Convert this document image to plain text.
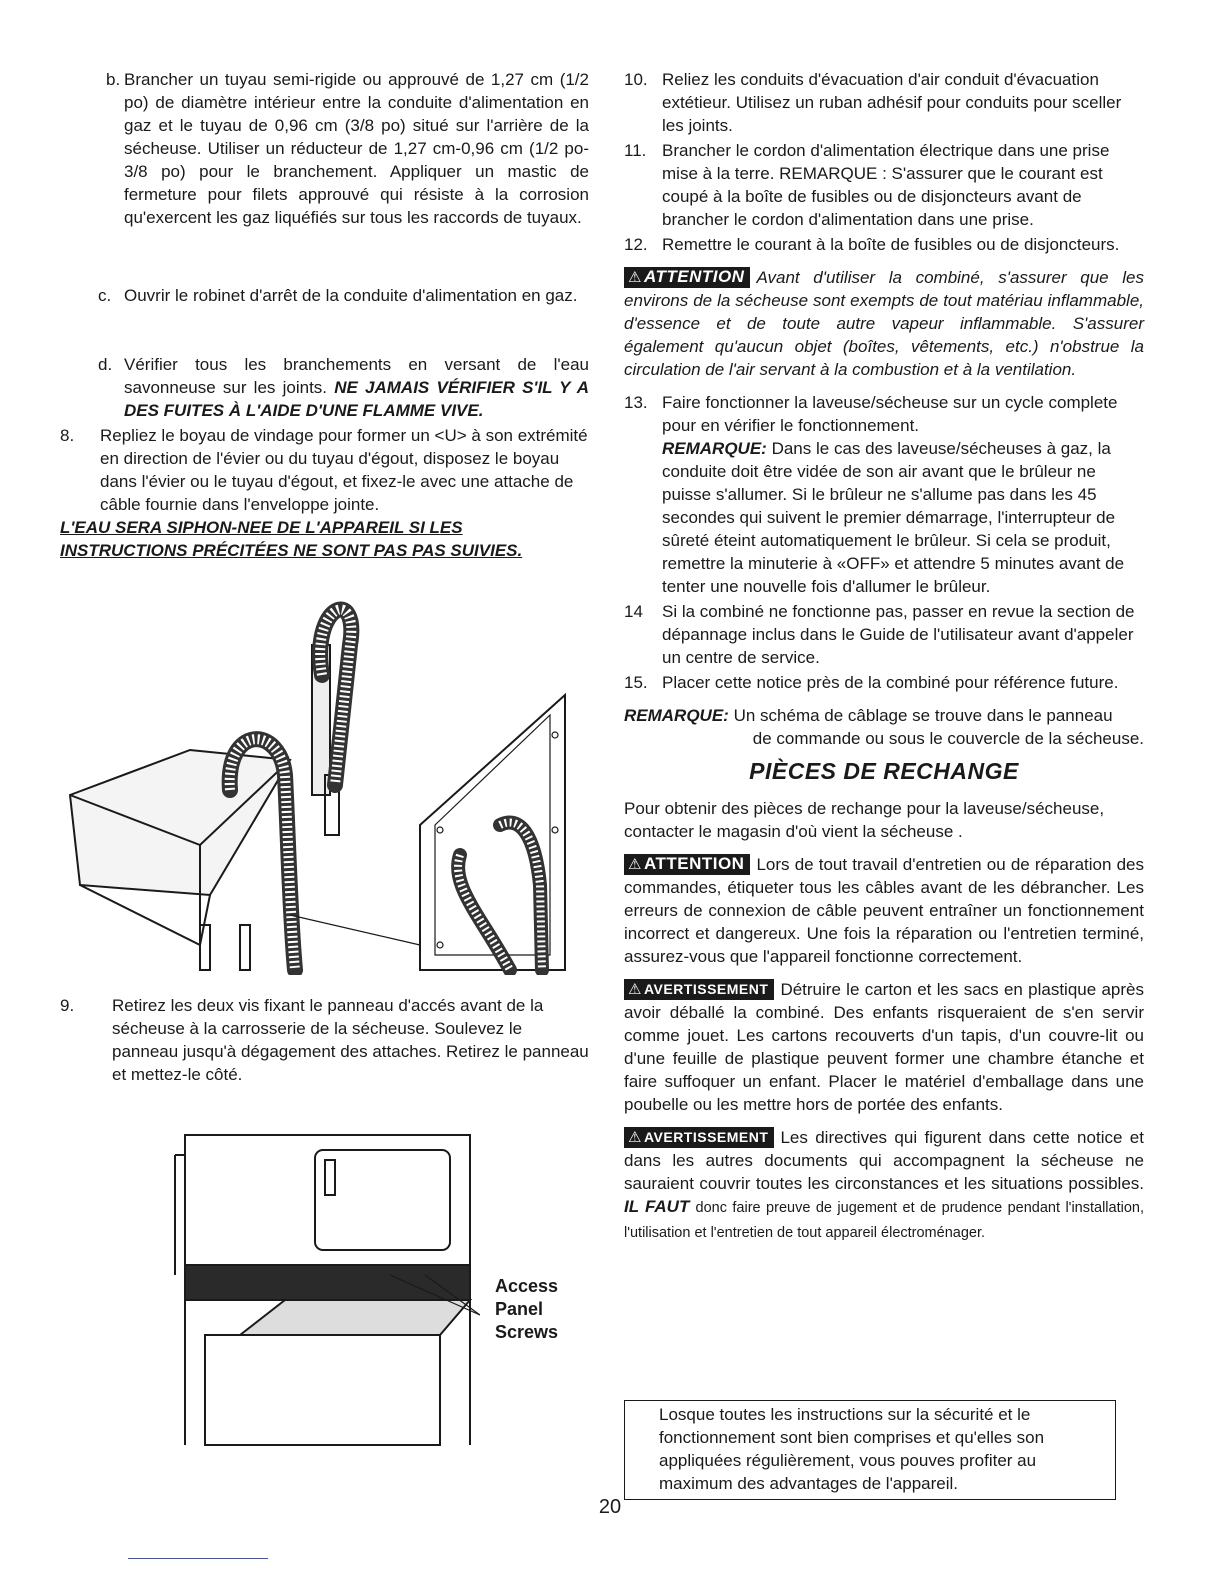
b. Brancher un tuyau semi-rigide ou approuvé de 1,27 cm (1/2 po) de diamètre intérieur entre la conduite d'alimentation en gaz et le tuyau de 0,96 cm (3/8 po) situé sur l'arrière de la sécheuse. Utiliser un réducteur de 1,27 cm-0,96 cm (1/2 po-3/8 po) pour le branchement. Appliquer un mastic de fermeture pour filets approuvé qui résiste à la corrosion qu'exercent les gaz liquéfiés sur tous les raccords de tuyaux.

c. Ouvrir le robinet d'arrêt de la conduite d'alimentation en gaz.

d. Vérifier tous les branchements en versant de l'eau savonneuse sur les joints. NE JAMAIS VÉRIFIER S'IL Y A DES FUITES À L'AIDE D'UNE FLAMME VIVE.

8. Repliez le boyau de vindage pour former un <U> à son extrémité en direction de l'évier ou du tuyau d'égout, disposez le boyau dans l'évier ou le tuyau d'égout, et fixez-le avec une attache de câble fournie dans l'enveloppe jointe.

L'EAU SERA SIPHON-NEE DE L'APPAREIL SI LES INSTRUCTIONS PRÉCITÉES NE SONT PAS PAS SUIVIES.

9. Retirez les deux vis fixant le panneau d'accés avant de la sécheuse à la carrosserie de la sécheuse. Soulevez le panneau jusqu'à dégagement des attaches. Retirez le panneau et mettez-le côté.

Access
Panel
Screws

10. Reliez les conduits d'évacuation d'air conduit d'évacuation extétieur. Utilisez un ruban adhésif pour conduits pour sceller les joints.

11. Brancher le cordon d'alimentation électrique dans une prise mise à la terre. REMARQUE : S'assurer que le courant est coupé à la boîte de fusibles ou de disjoncteurs avant de brancher le cordon d'alimentation dans une prise.

12. Remettre le courant à la boîte de fusibles ou de disjoncteurs.

⚠ ATTENTION Avant d'utiliser la combiné, s'assurer que les environs de la sécheuse sont exempts de tout matériau inflammable, d'essence et de toute autre vapeur inflammable. S'assurer également qu'aucun objet (boîtes, vêtements, etc.) n'obstrue la circulation de l'air servant à la combustion et à la ventilation.

13. Faire fonctionner la laveuse/sécheuse sur un cycle complete pour en vérifier le fonctionnement.
REMARQUE: Dans le cas des laveuse/sécheuses à gaz, la conduite doit être vidée de son air avant que le brûleur ne puisse s'allumer. Si le brûleur ne s'allume pas dans les 45 secondes qui suivent le premier démarrage, l'interrupteur de sûreté éteint automatiquement le brûleur. Si cela se produit, remettre la minuterie à «OFF» et attendre 5 minutes avant de tenter une nouvelle fois d'allumer le brûleur.

14 Si la combiné ne fonctionne pas, passer en revue la section de dépannage inclus dans le Guide de l'utilisateur avant d'appeler un centre de service.

15. Placer cette notice près de la combiné pour référence future.

REMARQUE: Un schéma de câblage se trouve dans le panneau

de commande ou sous le couvercle de la sécheuse.

PIÈCES DE RECHANGE

Pour obtenir des pièces de rechange pour la laveuse/sécheuse, contacter le magasin d'où vient la sécheuse .

⚠ ATTENTION Lors de tout travail d'entretien ou de réparation des commandes, étiqueter tous les câbles avant de les débrancher. Les erreurs de connexion de câble peuvent entraîner un fonctionnement incorrect et dangereux. Une fois la réparation ou l'entretien terminé, assurez-vous que l'appareil fonctionne correctement.

⚠ AVERTISSEMENT Détruire le carton et les sacs en plastique après avoir déballé la combiné. Des enfants risqueraient de s'en servir comme jouet. Les cartons recouverts d'un tapis, d'un couvre-lit ou d'une feuille de plastique peuvent former une chambre étanche et faire suffoquer un enfant. Placer le matériel d'emballage dans une poubelle ou les mettre hors de portée des enfants.

⚠ AVERTISSEMENT Les directives qui figurent dans cette notice et dans les autres documents qui accompagnent la sécheuse ne sauraient couvrir toutes les circonstances et les situations possibles. IL FAUT donc faire preuve de jugement et de prudence pendant l'installation, l'utilisation et l'entretien de tout appareil électroménager.

Losque toutes les instructions sur la sécurité et le fonctionnement sont bien comprises et qu'elles son appliquées régulièrement, vous pouves profiter au maximum des advantages de l'appareil.

20
